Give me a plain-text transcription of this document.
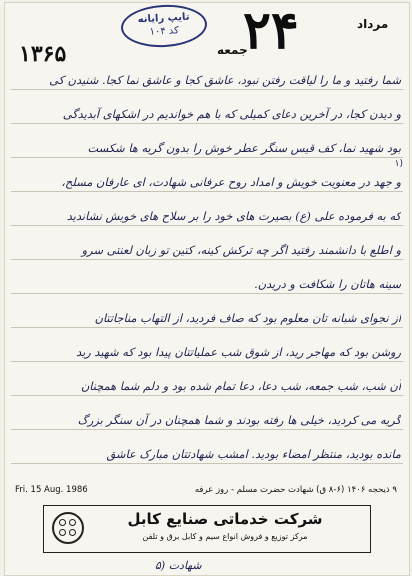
تایپ رایانه
کد ۱۰۴	۲۴	مرداد
جمعه
۱۳۶۵
شما رفتید و ما را لیاقت رفتن نبود، عاشق کجا و عاشق نما کجا. شنیدن کی
و دیدن کجا، در آخرین دعای کمیلی که با هم خواندیم در اشکهای آبدیدگی
بود شهید نما، کف قیس سنگر عطر خوش را بدون گریه ها شکست
و جهد در معنویت خویش و امداد روح عرفانی شهادت، ای عارفان مسلح،
که به فرموده علی (ع) بصیرت های خود را بر سلاح های خویش نشاندید
و اطلع با دانشمند رفتید اگر چه ترکش کینه، کتین تو زبان لعنتی سرو
سینه هاتان را شکافت و دریدن.
از نجوای شبانه تان معلوم بود که صاف فردید، از التهاب مناجاتتان
روشن بود که مهاجر رید، از شوق شب عملیاتتان پیدا بود که شهید رید
آن شب، شب جمعه، شب دعا، دعا تمام شده بود و دلم شما همچنان
گریه می کردید، خیلی ها رفته بودند و شما همچنان در آن سنگر بزرگ
مانده بودید، منتظر امضاء بودید. امشب شهادتتان مبارک عاشق
۱)
Fri. 15 Aug. 1986	۹ ذیحجه ۱۴۰۶ (۶-۸ ق) شهادت حضرت مسلم - روز عرفه
شرکت خدماتی صنایع کابل
مرکز توزیع و فروش انواع سیم و کابل برق و تلفن
۵) شهادت
